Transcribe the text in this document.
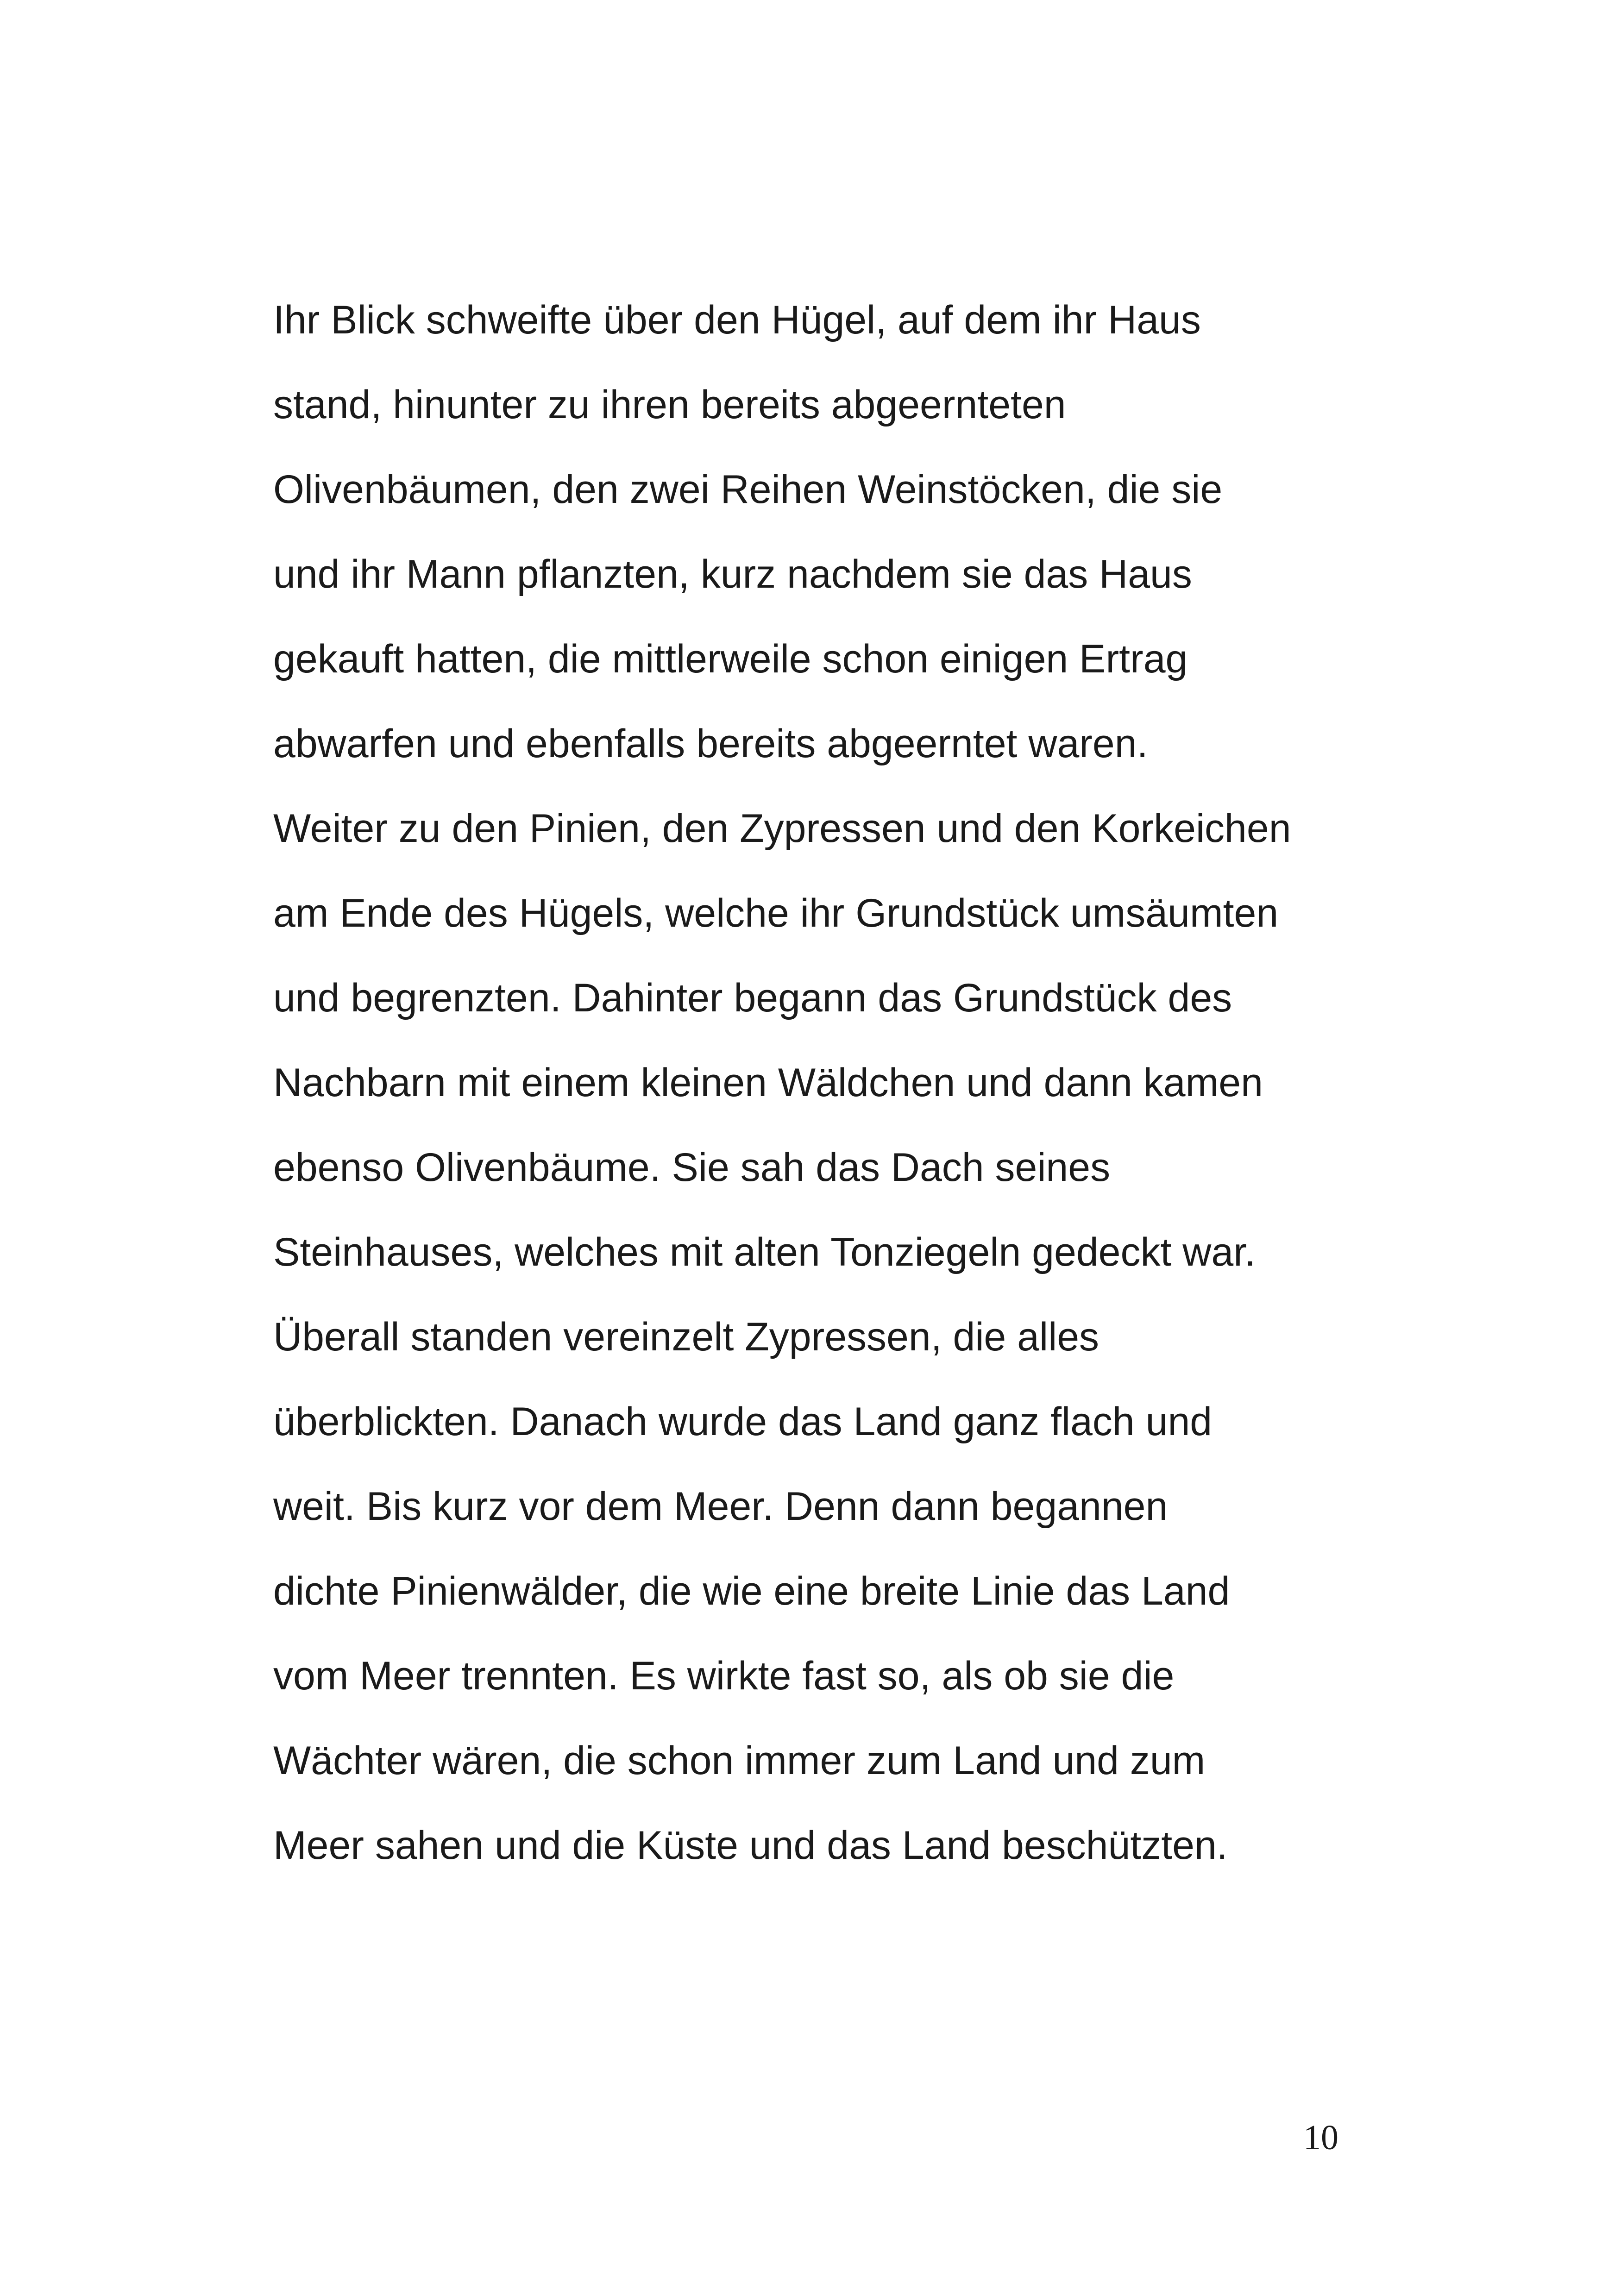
Ihr Blick schweifte über den Hügel, auf dem ihr Haus
stand, hinunter zu ihren bereits abgeernteten
Olivenbäumen, den zwei Reihen Weinstöcken, die sie
und ihr Mann pflanzten, kurz nachdem sie das Haus
gekauft hatten, die mittlerweile schon einigen Ertrag
abwarfen und ebenfalls bereits abgeerntet waren.
Weiter zu den Pinien, den Zypressen und den Korkeichen
am Ende des Hügels, welche ihr Grundstück umsäumten
und begrenzten. Dahinter begann das Grundstück des
Nachbarn mit einem kleinen Wäldchen und dann kamen
ebenso Olivenbäume. Sie sah das Dach seines
Steinhauses, welches mit alten Tonziegeln gedeckt war.
Überall standen vereinzelt Zypressen, die alles
überblickten. Danach wurde das Land ganz flach und
weit. Bis kurz vor dem Meer. Denn dann begannen
dichte Pinienwälder, die wie eine breite Linie das Land
vom Meer trennten. Es wirkte fast so, als ob sie die
Wächter wären, die schon immer zum Land und zum
Meer sahen und die Küste und das Land beschützten.
10
